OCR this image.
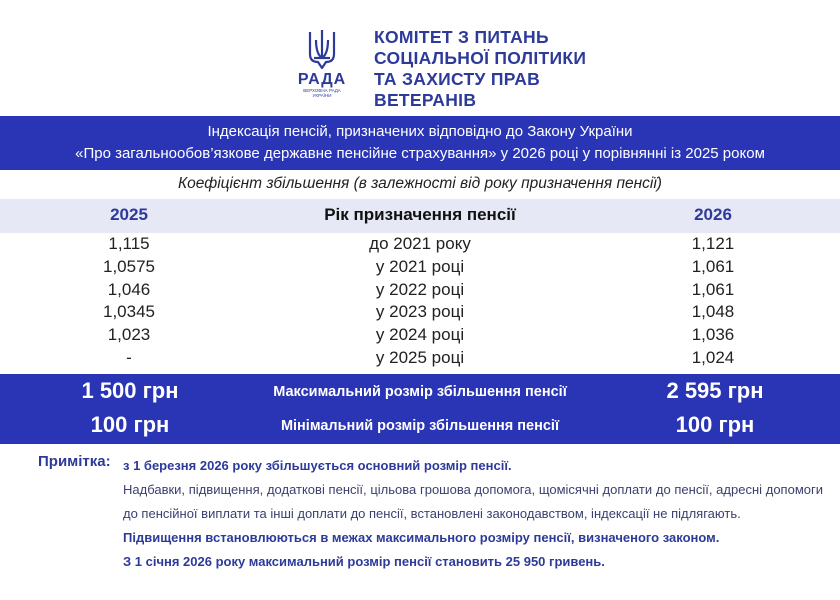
РАДА
ВЕРХОВНА РАДА
УКРАЇНИ
КОМІТЕТ З ПИТАНЬ
СОЦІАЛЬНОЇ ПОЛІТИКИ
ТА ЗАХИСТУ ПРАВ
ВЕТЕРАНІВ
Індексація пенсій, призначених відповідно до Закону України
«Про загальнообов’язкове державне пенсійне страхування» у 2026 році у порівнянні із 2025 роком
Коефіцієнт збільшення (в залежності від року призначення пенсії)
2025	Рік призначення пенсії	2026
1,115	до 2021 року	1,121
1,0575	у 2021 році	1,061
1,046	у 2022 році	1,061
1,0345	у 2023 році	1,048
1,023	у 2024 році	1,036
-	у 2025 році	1,024
1 500 грн	Максимальний розмір збільшення пенсії	2 595 грн
100 грн	Мінімальний розмір збільшення пенсії	100 грн
Примітка: з 1 березня 2026 року збільшується основний розмір пенсії.
Надбавки, підвищення, додаткові пенсії, цільова грошова допомога, щомісячні доплати до пенсії, адресні допомоги до пенсійної виплати та інші доплати до пенсії, встановлені законодавством, індексації не підлягають.
Підвищення встановлюються в межах максимального розміру пенсії, визначеного законом.
З 1 січня 2026 року максимальний розмір пенсії становить 25 950 гривень.
